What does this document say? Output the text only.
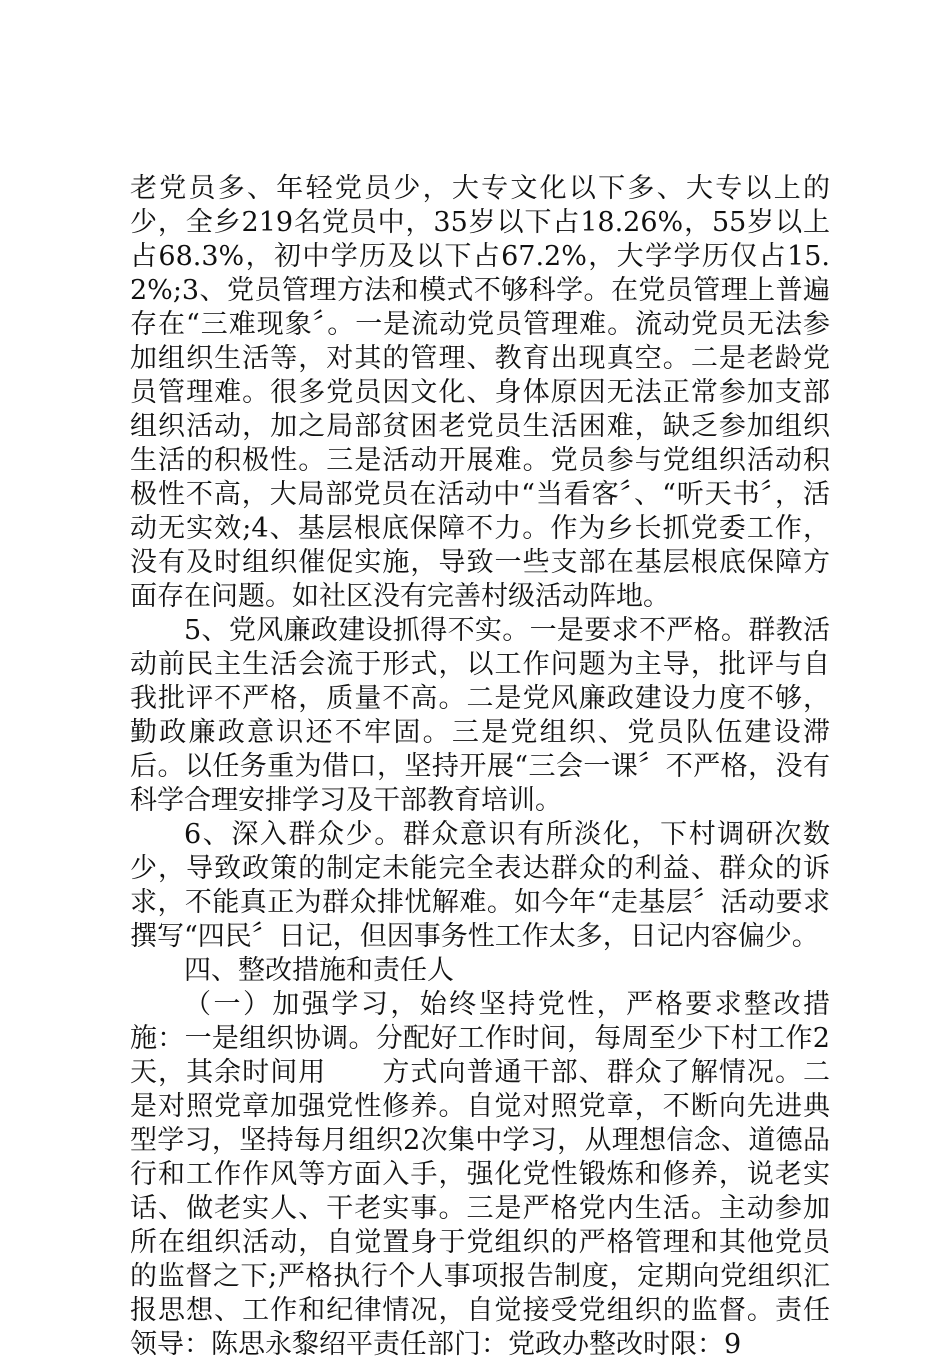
老党员多、年轻党员少，大专文化以下多、大专以上的少，全乡219名党员中，35岁以下占18.26%，55岁以上占68.3%，初中学历及以下占67.2%，大学学历仅占15.2%;3、党员管理方法和模式不够科学。在党员管理上普遍存在“三难现象〞。一是流动党员管理难。流动党员无法参加组织生活等，对其的管理、教育出现真空。二是老龄党员管理难。很多党员因文化、身体原因无法正常参加支部组织活动，加之局部贫困老党员生活困难，缺乏参加组织生活的积极性。三是活动开展难。党员参与党组织活动积极性不高，大局部党员在活动中“当看客〞、“听天书〞，活动无实效;4、基层根底保障不力。作为乡长抓党委工作，没有及时组织催促实施，导致一些支部在基层根底保障方面存在问题。如社区没有完善村级活动阵地。

5、党风廉政建设抓得不实。一是要求不严格。群教活动前民主生活会流于形式，以工作问题为主导，批评与自我批评不严格，质量不高。二是党风廉政建设力度不够，勤政廉政意识还不牢固。三是党组织、党员队伍建设滞后。以任务重为借口，坚持开展“三会一课〞不严格，没有科学合理安排学习及干部教育培训。

6、深入群众少。群众意识有所淡化，下村调研次数少，导致政策的制定未能完全表达群众的利益、群众的诉求，不能真正为群众排忧解难。如今年“走基层〞活动要求撰写“四民〞日记，但因事务性工作太多，日记内容偏少。

四、整改措施和责任人

（一）加强学习，始终坚持党性，严格要求整改措施：一是组织协调。分配好工作时间，每周至少下村工作2天，其余时间用　　方式向普通干部、群众了解情况。二是对照党章加强党性修养。自觉对照党章，不断向先进典型学习，坚持每月组织2次集中学习，从理想信念、道德品行和工作作风等方面入手，强化党性锻炼和修养，说老实话、做老实人、干老实事。三是严格党内生活。主动参加所在组织活动，自觉置身于党组织的严格管理和其他党员的监督之下;严格执行个人事项报告制度，定期向党组织汇报思想、工作和纪律情况，自觉接受党组织的监督。责任领导：陈思永黎绍平责任部门：党政办整改时限：9
